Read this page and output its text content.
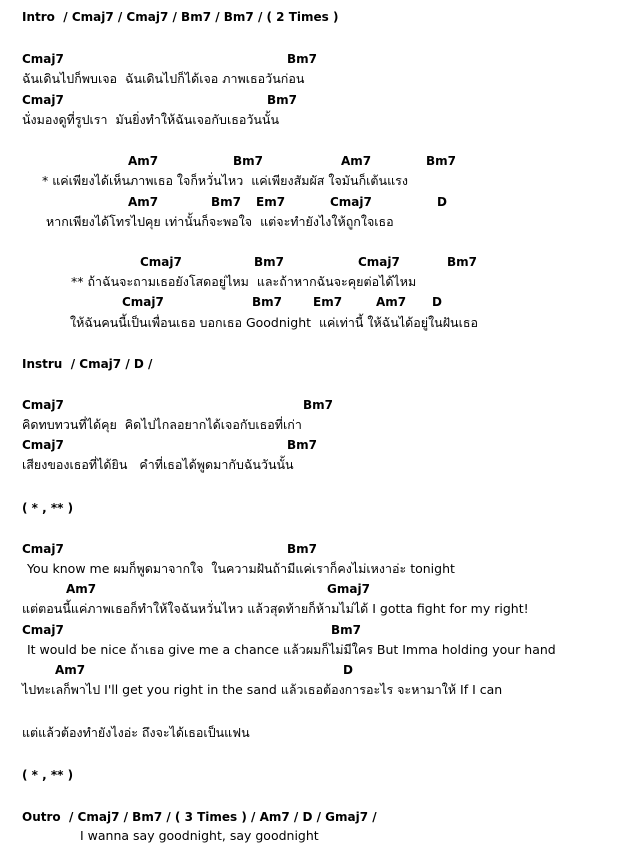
Intro  / Cmaj7 / Cmaj7 / Bm7 / Bm7 / ( 2 Times )
Cmaj7	Bm7
ฉันเดินไปก็พบเจอ  ฉันเดินไปก็ได้เจอ ภาพเธอวันก่อน
Cmaj7	Bm7
นั่งมองดูที่รูปเรา  มันยิ่งทำให้ฉันเจอกับเธอวันนั้น
Am7	Bm7	Am7	Bm7
* แค่เพียงได้เห็นภาพเธอ ใจก็หวั่นไหว  แค่เพียงสัมผัส ใจมันก็เต้นแรง
Am7	Bm7 Em7	Cmaj7	D
หากเพียงได้โทรไปคุย เท่านั้นก็จะพอใจ  แต่จะทำยังไงให้ถูกใจเธอ
Cmaj7	Bm7	Cmaj7	Bm7
** ถ้าฉันจะถามเธอยังโสดอยู่ไหม  และถ้าหากฉันจะคุยต่อได้ไหม
Cmaj7	Bm7	Em7	Am7 D
ให้ฉันคนนี้เป็นเพื่อนเธอ บอกเธอ Goodnight  แค่เท่านี้ ให้ฉันได้อยู่ในฝันเธอ
Instru  / Cmaj7 / D /
Cmaj7	Bm7
คิดทบทวนที่ได้คุย  คิดไปไกลอยากได้เจอกับเธอที่เก่า
Cmaj7	Bm7
เสียงของเธอที่ได้ยิน   คำที่เธอได้พูดมากับฉันวันนั้น
( * , ** )
Cmaj7	Bm7
You know me ผมก็พูดมาจากใจ  ในความฝันถ้ามีแค่เราก็คงไม่เหงาอ่ะ tonight
Am7	Gmaj7
แต่ตอนนี้แค่ภาพเธอก็ทำให้ใจฉันหวั่นไหว แล้วสุดท้ายก็ห้ามไม่ได้ I gotta fight for my right!
Cmaj7	Bm7
It would be nice ถ้าเธอ give me a chance แล้วผมก็ไม่มีใคร But Imma holding your hand
Am7	D
ไปทะเลก็พาไป I'll get you right in the sand แล้วเธอต้องการอะไร จะหามาให้ If I can
แต่แล้วต้องทำยังไงอ่ะ ถึงจะได้เธอเป็นแฟน
( * , ** )
Outro  / Cmaj7 / Bm7 / ( 3 Times ) / Am7 / D / Gmaj7 /
I wanna say goodnight, say goodnight
